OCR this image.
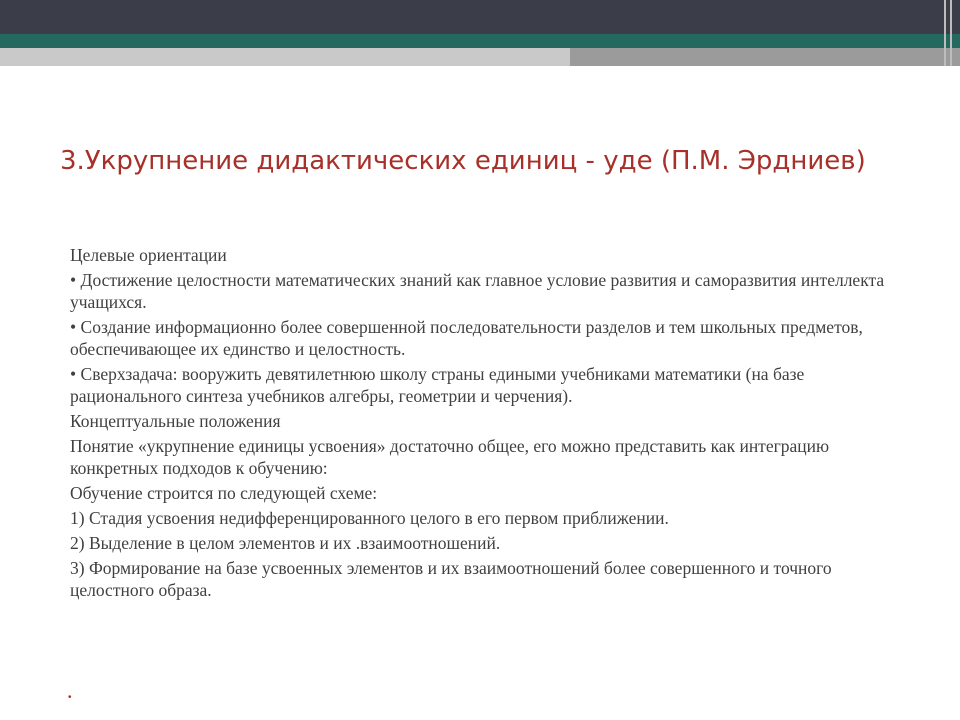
3.Укрупнение дидактических единиц - уде (П.М. Эрдниев)

Целевые ориентации

• Достижение целостности математических знаний как главное условие развития и саморазвития интеллекта учащихся.

• Создание информационно более совершенной последовательности разделов и тем школьных предметов, обеспечивающее их единство и целостность.

• Сверхзадача: вооружить девятилетнюю школу страны едиными учебниками математики (на базе рационального синтеза учебников алгебры, геометрии и черчения).

Концептуальные положения

Понятие «укрупнение единицы усвоения» достаточно общее, его можно представить как интеграцию конкретных подходов к обучению:

Обучение строится по следующей схеме:

1) Стадия усвоения недифференцированного целого в его первом приближении.

2) Выделение в целом элементов и их .взаимоотношений.

3) Формирование на базе усвоенных элементов и их взаимоотношений более совершенного и точного целостного образа.

•
